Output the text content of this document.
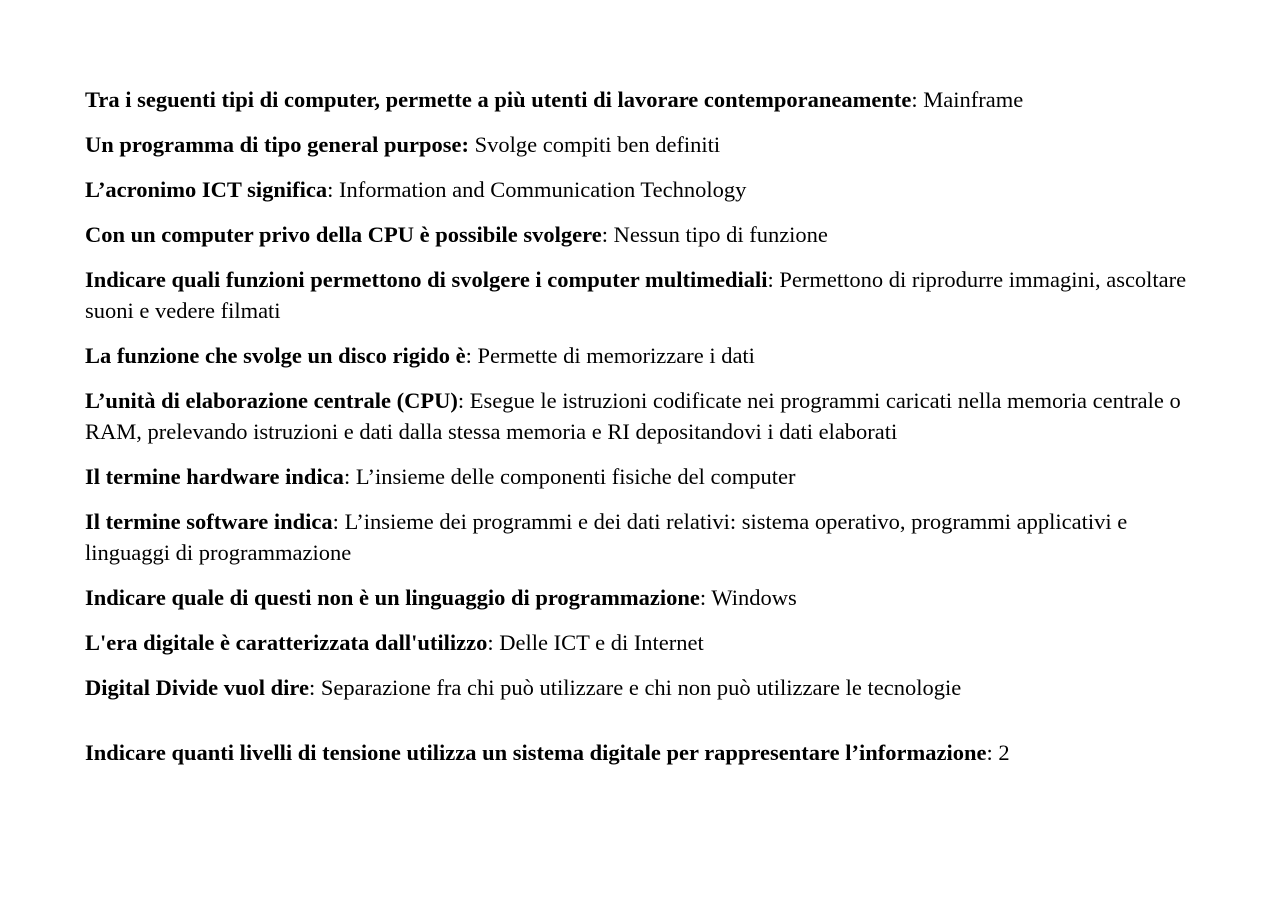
Tra i seguenti tipi di computer, permette a più utenti di lavorare contemporaneamente: Mainframe

Un programma di tipo general purpose: Svolge compiti ben definiti

L’acronimo ICT significa: Information and Communication Technology

Con un computer privo della CPU è possibile svolgere: Nessun tipo di funzione

Indicare quali funzioni permettono di svolgere i computer multimediali: Permettono di riprodurre immagini, ascoltare suoni e vedere filmati

La funzione che svolge un disco rigido è: Permette di memorizzare i dati

L’unità di elaborazione centrale (CPU): Esegue le istruzioni codificate nei programmi caricati nella memoria centrale o RAM, prelevando istruzioni e dati dalla stessa memoria e RI depositandovi i dati elaborati

Il termine hardware indica: L’insieme delle componenti fisiche del computer

Il termine software indica: L’insieme dei programmi e dei dati relativi: sistema operativo, programmi applicativi e linguaggi di programmazione

Indicare quale di questi non è un linguaggio di programmazione: Windows

L'era digitale è caratterizzata dall'utilizzo: Delle ICT e di Internet

Digital Divide vuol dire: Separazione fra chi può utilizzare e chi non può utilizzare le tecnologie

Indicare quanti livelli di tensione utilizza un sistema digitale per rappresentare l’informazione: 2
